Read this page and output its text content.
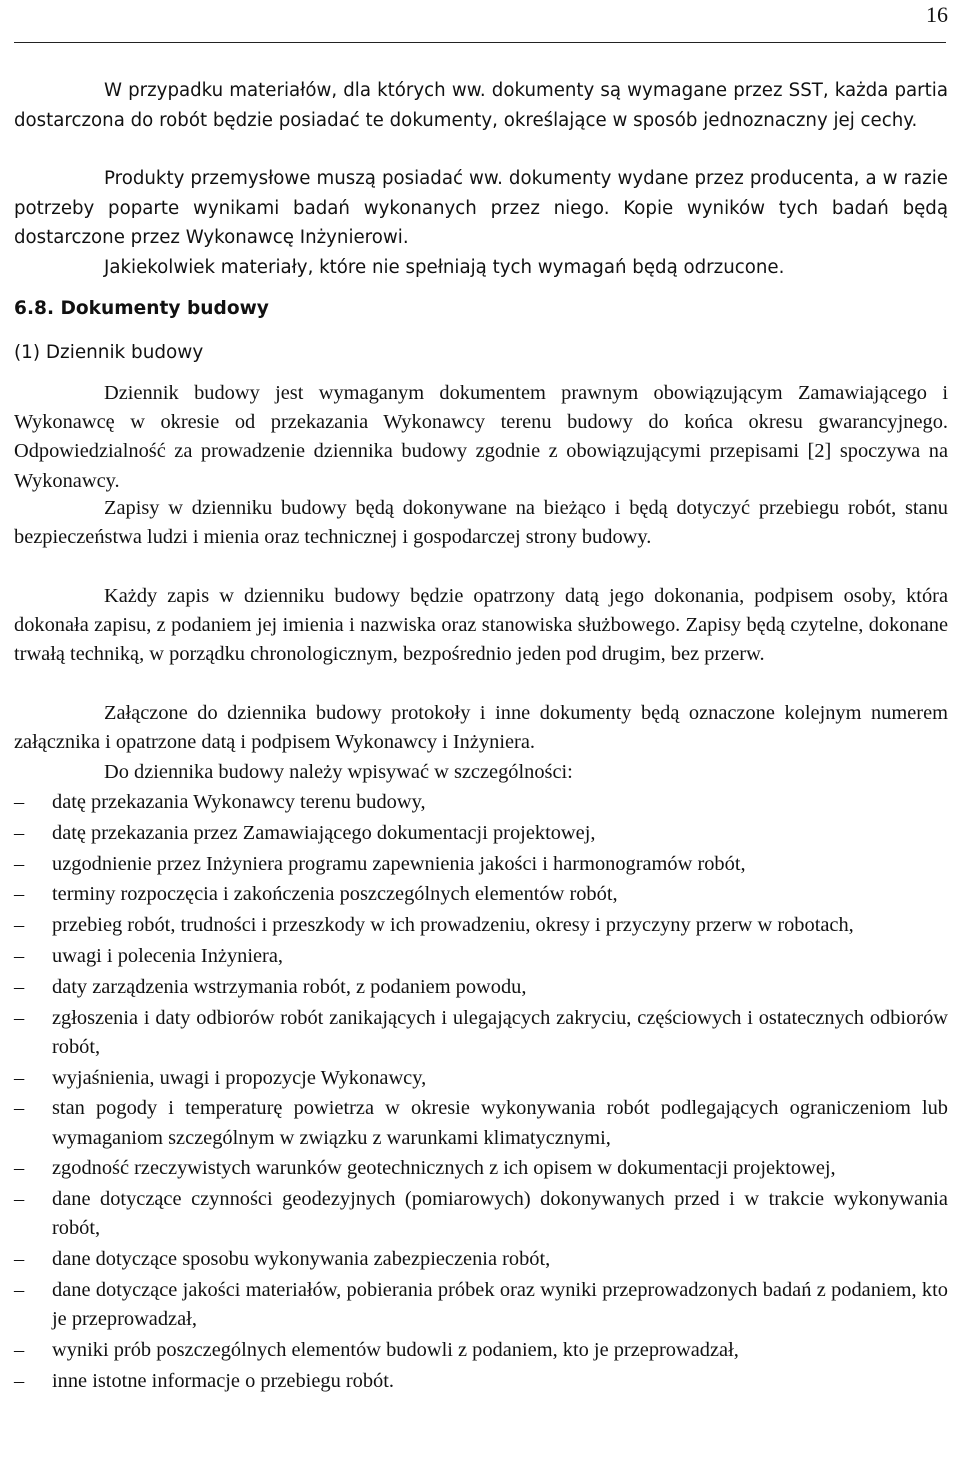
16

W przypadku materiałów, dla których ww. dokumenty są wymagane przez SST, każda partia dostarczona do robót będzie posiadać te dokumenty, określające w sposób jednoznaczny jej cechy.

Produkty przemysłowe muszą posiadać ww. dokumenty wydane przez producenta, a w razie potrzeby poparte wynikami badań wykonanych przez niego. Kopie wyników tych badań będą dostarczone przez Wykonawcę Inżynierowi.

Jakiekolwiek materiały, które nie spełniają tych wymagań będą odrzucone.

6.8. Dokumenty budowy
(1) Dziennik budowy

Dziennik budowy jest wymaganym dokumentem prawnym obowiązującym Zamawiającego i Wykonawcę w okresie od przekazania Wykonawcy terenu budowy do końca okresu gwarancyjnego. Odpowiedzialność za prowadzenie dziennika budowy zgodnie z obowiązującymi przepisami [2] spoczywa na Wykonawcy.

Zapisy w dzienniku budowy będą dokonywane na bieżąco i będą dotyczyć przebiegu robót, stanu bezpieczeństwa ludzi i mienia oraz technicznej i gospodarczej strony budowy.

Każdy zapis w dzienniku budowy będzie opatrzony datą jego dokonania, podpisem osoby, która dokonała zapisu, z podaniem jej imienia i nazwiska oraz stanowiska służbowego. Zapisy będą czytelne, dokonane trwałą techniką, w porządku chronologicznym, bezpośrednio jeden pod drugim, bez przerw.

Załączone do dziennika budowy protokoły i inne dokumenty będą oznaczone kolejnym numerem załącznika i opatrzone datą i podpisem Wykonawcy i Inżyniera.

Do dziennika budowy należy wpisywać w szczególności:

– datę przekazania Wykonawcy terenu budowy,
– datę przekazania przez Zamawiającego dokumentacji projektowej,
– uzgodnienie przez Inżyniera programu zapewnienia jakości i harmonogramów robót,
– terminy rozpoczęcia i zakończenia poszczególnych elementów robót,
– przebieg robót, trudności i przeszkody w ich prowadzeniu, okresy i przyczyny przerw w robotach,
– uwagi i polecenia Inżyniera,
– daty zarządzenia wstrzymania robót, z podaniem powodu,
– zgłoszenia i daty odbiorów robót zanikających i ulegających zakryciu, częściowych i ostatecznych odbiorów robót,
– wyjaśnienia, uwagi i propozycje Wykonawcy,
– stan pogody i temperaturę powietrza w okresie wykonywania robót podlegających ograniczeniom lub wymaganiom szczególnym w związku z warunkami klimatycznymi,
– zgodność rzeczywistych warunków geotechnicznych z ich opisem w dokumentacji projektowej,
– dane dotyczące czynności geodezyjnych (pomiarowych) dokonywanych przed i w trakcie wykonywania robót,
– dane dotyczące sposobu wykonywania zabezpieczenia robót,
– dane dotyczące jakości materiałów, pobierania próbek oraz wyniki przeprowadzonych badań z podaniem, kto je przeprowadzał,
– wyniki prób poszczególnych elementów budowli z podaniem, kto je przeprowadzał,
– inne istotne informacje o przebiegu robót.
